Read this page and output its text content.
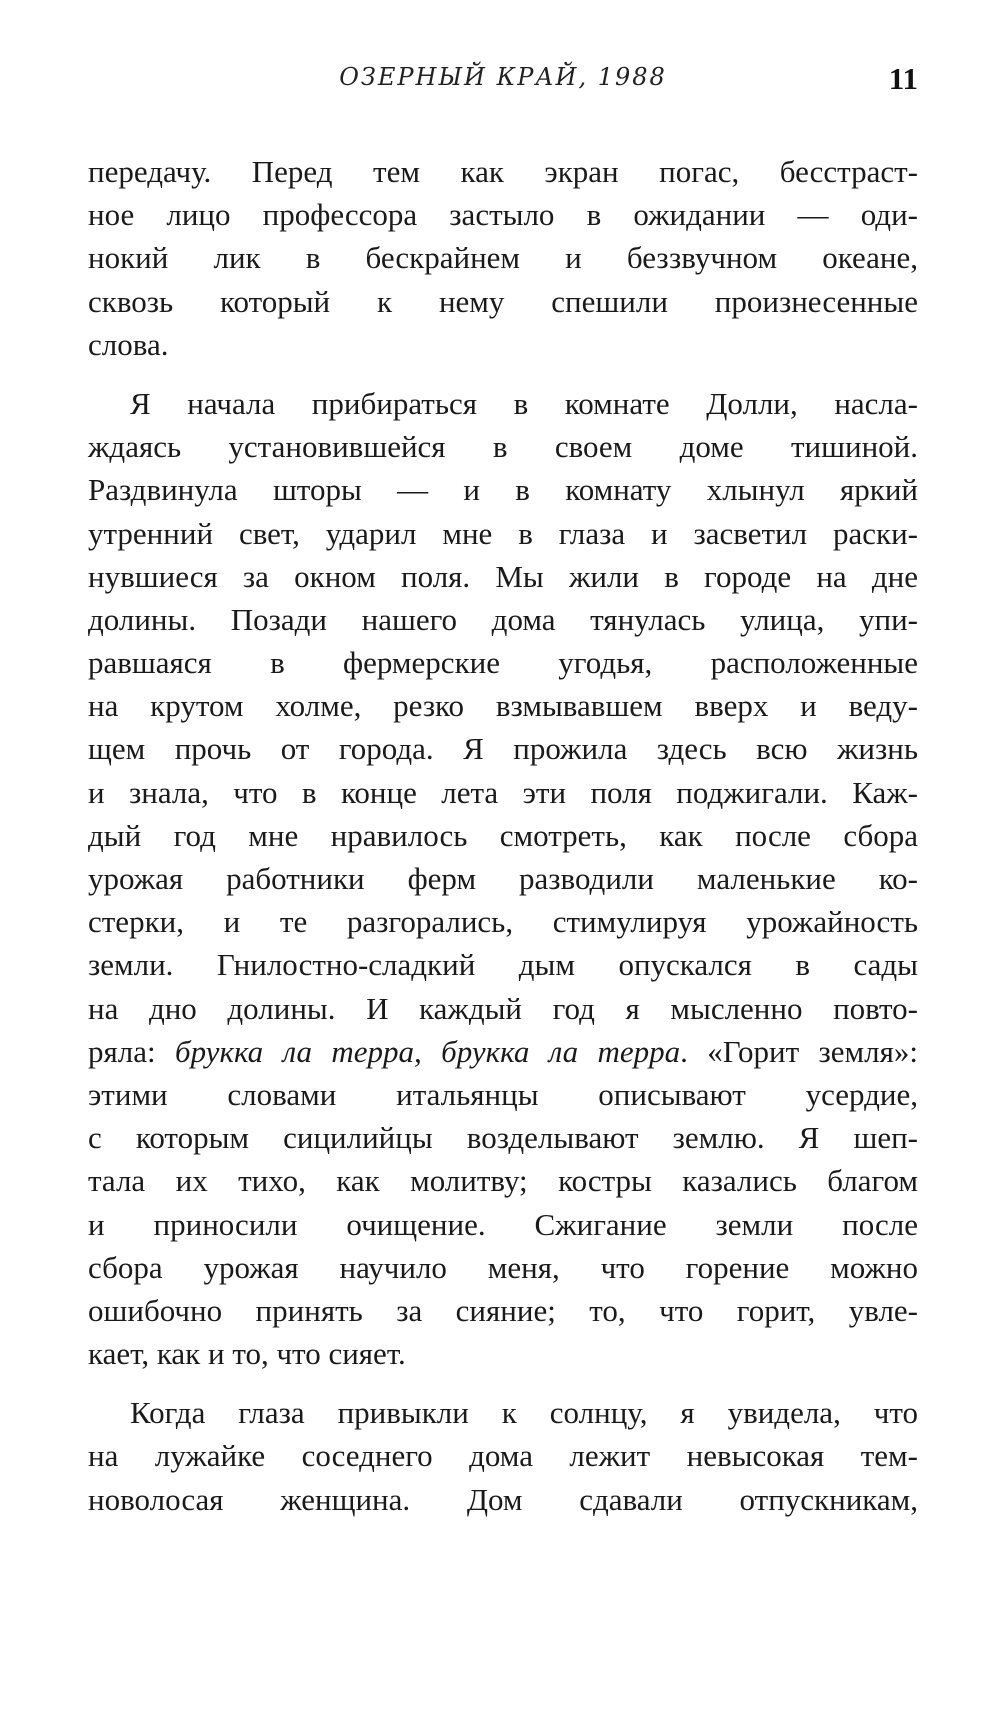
ОЗЕРНЫЙ КРАЙ, 1988	11

передачу. Перед тем как экран погас, бесстраст-
ное лицо профессора застыло в ожидании — оди-
нокий лик в бескрайнем и беззвучном океане,
сквозь который к нему спешили произнесенные
слова.

Я начала прибираться в комнате Долли, насла-
ждаясь установившейся в своем доме тишиной.
Раздвинула шторы — и в комнату хлынул яркий
утренний свет, ударил мне в глаза и засветил раски-
нувшиеся за окном поля. Мы жили в городе на дне
долины. Позади нашего дома тянулась улица, упи-
равшаяся в фермерские угодья, расположенные
на крутом холме, резко взмывавшем вверх и веду-
щем прочь от города. Я прожила здесь всю жизнь
и знала, что в конце лета эти поля поджигали. Каж-
дый год мне нравилось смотреть, как после сбора
урожая работники ферм разводили маленькие ко-
стерки, и те разгорались, стимулируя урожайность
земли. Гнилостно-сладкий дым опускался в сады
на дно долины. И каждый год я мысленно повто-
ряла: брукка ла терра, брукка ла терра. «Горит земля»:
этими словами итальянцы описывают усердие,
с которым сицилийцы возделывают землю. Я шеп-
тала их тихо, как молитву; костры казались благом
и приносили очищение. Сжигание земли после
сбора урожая научило меня, что горение можно
ошибочно принять за сияние; то, что горит, увле-
кает, как и то, что сияет.

Когда глаза привыкли к солнцу, я увидела, что
на лужайке соседнего дома лежит невысокая тем-
новолосая женщина. Дом сдавали отпускникам,
